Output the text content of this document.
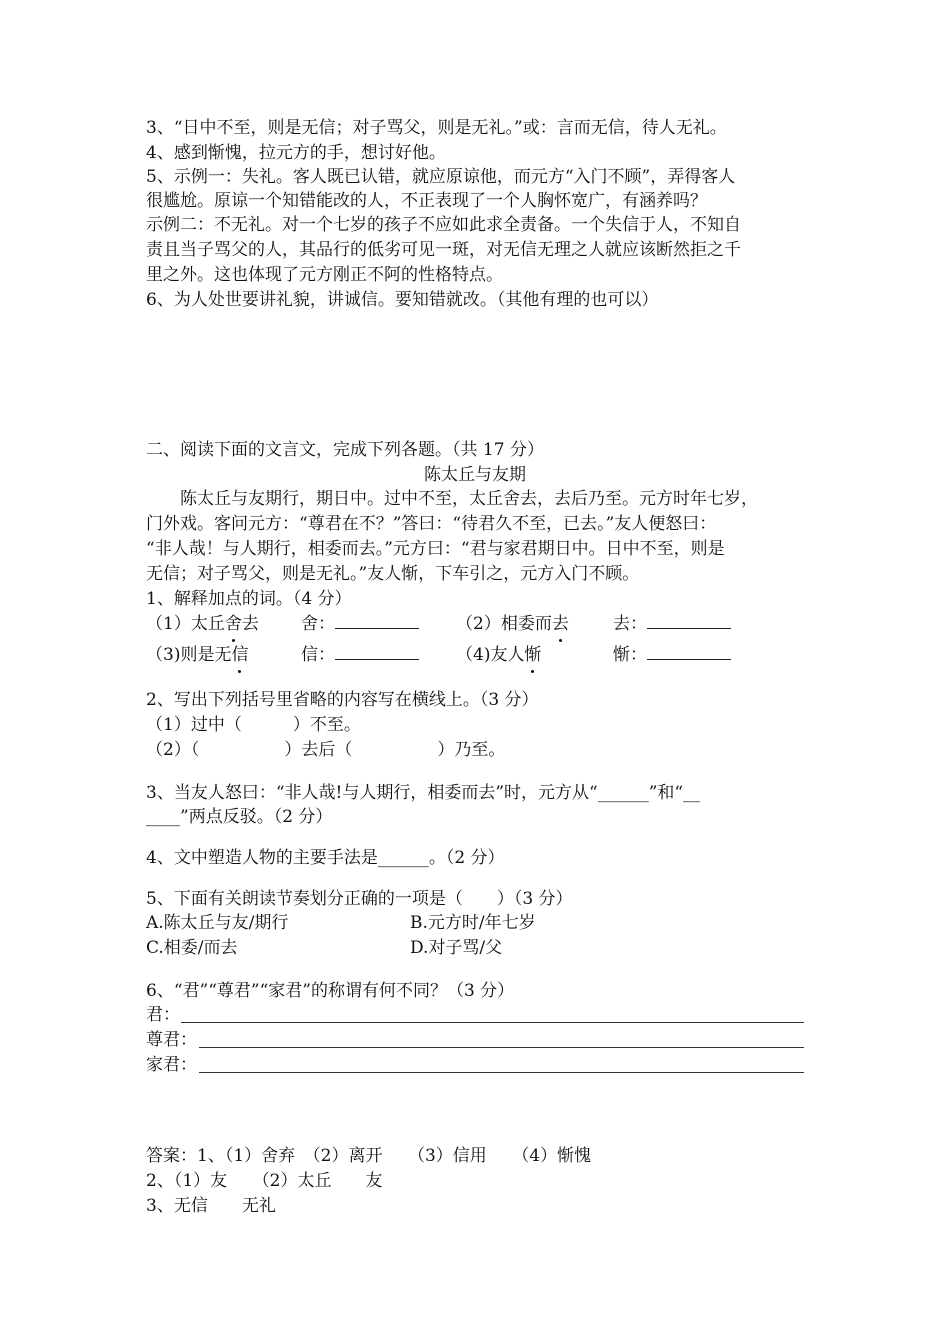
3、“日中不至，则是无信；对子骂父，则是无礼。”或：言而无信，待人无礼。
4、感到惭愧，拉元方的手，想讨好他。
5、示例一：失礼。客人既已认错，就应原谅他，而元方“入门不顾”，弄得客人
很尴尬。原谅一个知错能改的人，不正表现了一个人胸怀宽广，有涵养吗？
示例二：不无礼。对一个七岁的孩子不应如此求全责备。一个失信于人，不知自
责且当子骂父的人，其品行的低劣可见一斑，对无信无理之人就应该断然拒之千
里之外。这也体现了元方刚正不阿的性格特点。
6、为人处世要讲礼貌，讲诚信。要知错就改。（其他有理的也可以）
二、阅读下面的文言文，完成下列各题。（共 17 分）
陈太丘与友期
陈太丘与友期行，期日中。过中不至，太丘舍去，去后乃至。元方时年七岁，
门外戏。客问元方：“尊君在不？”答曰：“待君久不至，已去。”友人便怒曰：
“非人哉！与人期行，相委而去。”元方曰：“君与家君期日中。日中不至，则是
无信；对子骂父，则是无礼。”友人惭，下车引之，元方入门不顾。
1、解释加点的词。（4 分）
（1）太丘舍去 舍：	（2）相委而去	去：
（3)则是无信	信：	（4)友人惭	惭：
2、写出下列括号里省略的内容写在横线上。（3 分）
（1）过中（　　　）不至。
（2）（　　　　　）去后（　　　　　）乃至。
3、当友人怒曰：“非人哉!与人期行，相委而去”时，元方从“______”和“__
____”两点反驳。（2 分）
4、文中塑造人物的主要手法是______。（2 分）
5、下面有关朗读节奏划分正确的一项是（　　）（3 分）
A.陈太丘与友/期行	B.元方时/年七岁
C.相委/而去	D.对子骂/父
6、“君”“尊君”“家君”的称谓有何不同？（3 分）
君：
尊君：
家君：
答案：1、（1）舍弃　（2）离开　　（3）信用　　（4）惭愧
2、（1）友　　（2）太丘　　友
3、无信　　无礼
